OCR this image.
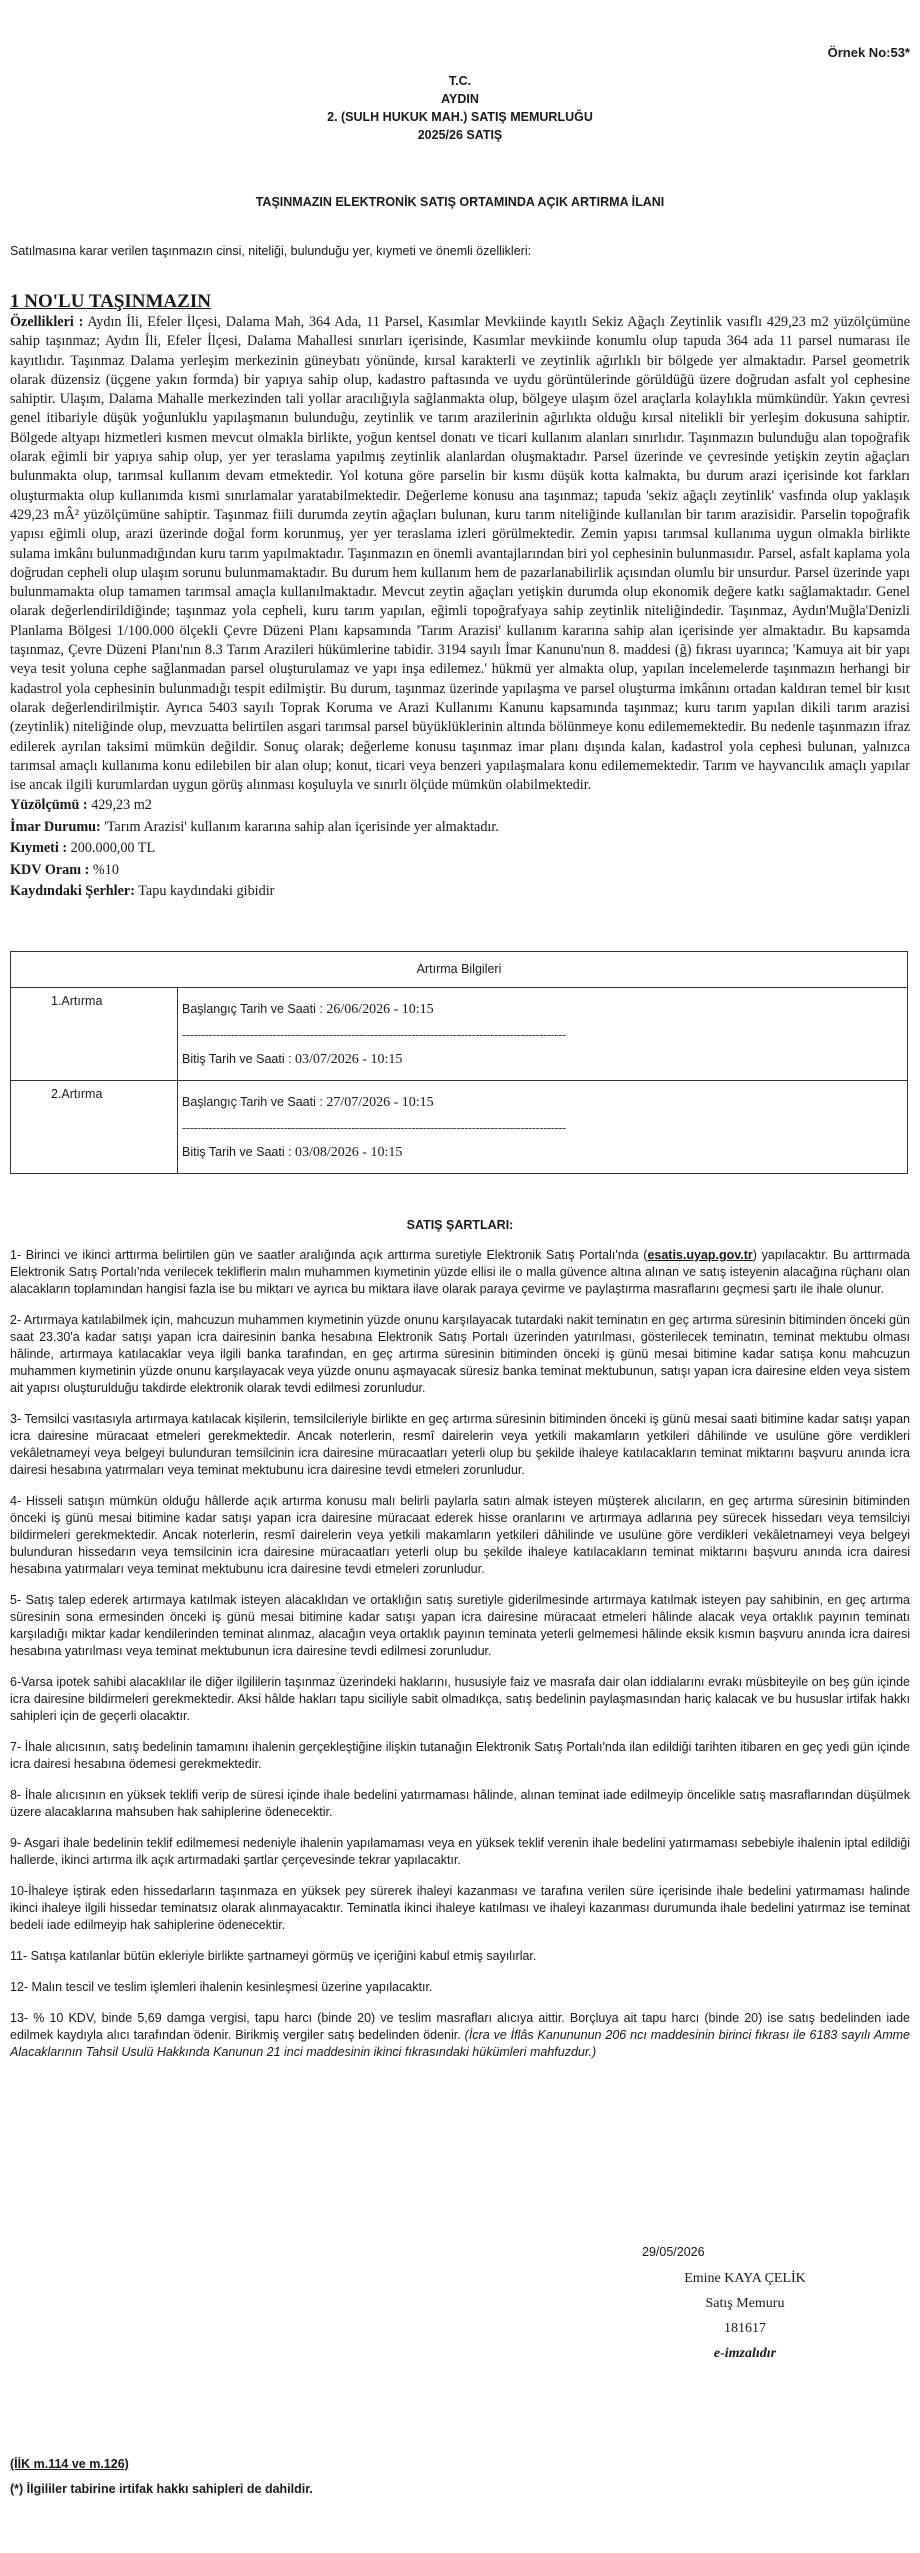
Örnek No:53*
T.C.
AYDIN
2. (SULH HUKUK MAH.) SATIŞ MEMURLUĞU
2025/26 SATIŞ
TAŞINMAZIN ELEKTRONİK SATIŞ ORTAMINDA AÇIK ARTIRMA İLANI
Satılmasına karar verilen taşınmazın cinsi, niteliği, bulunduğu yer, kıymeti ve önemli özellikleri:
1 NO'LU TAŞINMAZIN
Özellikleri : Aydın İli, Efeler İlçesi, Dalama Mah, 364 Ada, 11 Parsel, Kasımlar Mevkiinde kayıtlı Sekiz Ağaçlı Zeytinlik vasıflı 429,23 m2 yüzölçümüne sahip taşınmaz; Aydın İli, Efeler İlçesi, Dalama Mahallesi sınırları içerisinde, Kasımlar mevkiinde konumlu olup tapuda 364 ada 11 parsel numarası ile kayıtlıdır. Taşınmaz Dalama yerleşim merkezinin güneybatı yönünde, kırsal karakterli ve zeytinlik ağırlıklı bir bölgede yer almaktadır. Parsel geometrik olarak düzensiz (üçgene yakın formda) bir yapıya sahip olup, kadastro paftasında ve uydu görüntülerinde görüldüğü üzere doğrudan asfalt yol cephesine sahiptir. Ulaşım, Dalama Mahalle merkezinden tali yollar aracılığıyla sağlanmakta olup, bölgeye ulaşım özel araçlarla kolaylıkla mümkündür. Yakın çevresi genel itibariyle düşük yoğunluklu yapılaşmanın bulunduğu, zeytinlik ve tarım arazilerinin ağırlıkta olduğu kırsal nitelikli bir yerleşim dokusuna sahiptir. Bölgede altyapı hizmetleri kısmen mevcut olmakla birlikte, yoğun kentsel donatı ve ticari kullanım alanları sınırlıdır. Taşınmazın bulunduğu alan topoğrafik olarak eğimli bir yapıya sahip olup, yer yer teraslama yapılmış zeytinlik alanlardan oluşmaktadır. Parsel üzerinde ve çevresinde yetişkin zeytin ağaçları bulunmakta olup, tarımsal kullanım devam etmektedir. Yol kotuna göre parselin bir kısmı düşük kotta kalmakta, bu durum arazi içerisinde kot farkları oluşturmakta olup kullanımda kısmi sınırlamalar yaratabilmektedir. Değerleme konusu ana taşınmaz; tapuda 'sekiz ağaçlı zeytinlik' vasfında olup yaklaşık 429,23 mÂ² yüzölçümüne sahiptir. Taşınmaz fiili durumda zeytin ağaçları bulunan, kuru tarım niteliğinde kullanılan bir tarım arazisidir. Parselin topoğrafik yapısı eğimli olup, arazi üzerinde doğal form korunmuş, yer yer teraslama izleri görülmektedir. Zemin yapısı tarımsal kullanıma uygun olmakla birlikte sulama imkânı bulunmadığından kuru tarım yapılmaktadır. Taşınmazın en önemli avantajlarından biri yol cephesinin bulunmasıdır. Parsel, asfalt kaplama yola doğrudan cepheli olup ulaşım sorunu bulunmamaktadır. Bu durum hem kullanım hem de pazarlanabilirlik açısından olumlu bir unsurdur. Parsel üzerinde yapı bulunmamakta olup tamamen tarımsal amaçla kullanılmaktadır. Mevcut zeytin ağaçları yetişkin durumda olup ekonomik değere katkı sağlamaktadır. Genel olarak değerlendirildiğinde; taşınmaz yola cepheli, kuru tarım yapılan, eğimli topoğrafyaya sahip zeytinlik niteliğindedir. Taşınmaz, Aydın'Muğla'Denizli Planlama Bölgesi 1/100.000 ölçekli Çevre Düzeni Planı kapsamında 'Tarım Arazisi' kullanım kararına sahip alan içerisinde yer almaktadır. Bu kapsamda taşınmaz, Çevre Düzeni Planı'nın 8.3 Tarım Arazileri hükümlerine tabidir. 3194 sayılı İmar Kanunu'nun 8. maddesi (ğ) fıkrası uyarınca; 'Kamuya ait bir yapı veya tesit yoluna cephe sağlanmadan parsel oluşturulamaz ve yapı inşa edilemez.' hükmü yer almakta olup, yapılan incelemelerde taşınmazın herhangi bir kadastrol yola cephesinin bulunmadığı tespit edilmiştir. Bu durum, taşınmaz üzerinde yapılaşma ve parsel oluşturma imkânını ortadan kaldıran temel bir kısıt olarak değerlendirilmiştir. Ayrıca 5403 sayılı Toprak Koruma ve Arazi Kullanımı Kanunu kapsamında taşınmaz; kuru tarım yapılan dikili tarım arazisi (zeytinlik) niteliğinde olup, mevzuatta belirtilen asgari tarımsal parsel büyüklüklerinin altında bölünmeye konu edilememektedir. Bu nedenle taşınmazın ifraz edilerek ayrılan taksimi mümkün değildir. Sonuç olarak; değerleme konusu taşınmaz imar planı dışında kalan, kadastrol yola cephesi bulunan, yalnızca tarımsal amaçlı kullanıma konu edilebilen bir alan olup; konut, ticari veya benzeri yapılaşmalara konu edilememektedir. Tarım ve hayvancılık amaçlı yapılar ise ancak ilgili kurumlardan uygun görüş alınması koşuluyla ve sınırlı ölçüde mümkün olabilmektedir.
Yüzölçümü : 429,23 m2
İmar Durumu: 'Tarım Arazisi' kullanım kararına sahip alan içerisinde yer almaktadır.
Kıymeti : 200.000,00 TL
KDV Oranı : %10
Kaydındaki Şerhler: Tapu kaydındaki gibidir
Artırma Bilgileri	
1.Artırma	Başlangıç Tarih ve Saati : 26/06/2026 - 10:15
------------------------------------------------------------------------------------------------------
Bitiş Tarih ve Saati : 03/07/2026 - 10:15

2.Artırma	Başlangıç Tarih ve Saati : 27/07/2026 - 10:15
------------------------------------------------------------------------------------------------------
Bitiş Tarih ve Saati : 03/08/2026 - 10:15
SATIŞ ŞARTLARI:

1- Birinci ve ikinci arttırma belirtilen gün ve saatler aralığında açık arttırma suretiyle Elektronik Satış Portalı'nda (esatis.uyap.gov.tr) yapılacaktır. Bu arttırmada Elektronik Satış Portalı'nda verilecek tekliflerin malın muhammen kıymetinin yüzde ellisi ile o malla güvence altına alınan ve satış isteyenin alacağına rüçhanı olan alacakların toplamından hangisi fazla ise bu miktarı ve ayrıca bu miktara ilave olarak paraya çevirme ve paylaştırma masraflarını geçmesi şartı ile ihale olunur.

2- Artırmaya katılabilmek için, mahcuzun muhammen kıymetinin yüzde onunu karşılayacak tutardaki nakit teminatın en geç artırma süresinin bitiminden önceki gün saat 23.30'a kadar satışı yapan icra dairesinin banka hesabına Elektronik Satış Portalı üzerinden yatırılması, gösterilecek teminatın, teminat mektubu olması hâlinde, artırmaya katılacaklar veya ilgili banka tarafından, en geç artırma süresinin bitiminden önceki iş günü mesai bitimine kadar satışa konu mahcuzun muhammen kıymetinin yüzde onunu karşılayacak veya yüzde onunu aşmayacak süresiz banka teminat mektubunun, satışı yapan icra dairesine elden veya sistem ait yapısı oluşturulduğu takdirde elektronik olarak tevdi edilmesi zorunludur.

3- Temsilci vasıtasıyla artırmaya katılacak kişilerin, temsilcileriyle birlikte en geç artırma süresinin bitiminden önceki iş günü mesai saati bitimine kadar satışı yapan icra dairesine müracaat etmeleri gerekmektedir. Ancak noterlerin, resmî dairelerin veya yetkili makamların yetkileri dâhilinde ve usulüne göre verdikleri vekâletnameyi veya belgeyi bulunduran temsilcinin icra dairesine müracaatları yeterli olup bu şekilde ihaleye katılacakların teminat miktarını başvuru anında icra dairesi hesabına yatırmaları veya teminat mektubunu icra dairesine tevdi etmeleri zorunludur.

4- Hisseli satışın mümkün olduğu hâllerde açık artırma konusu malı belirli paylarla satın almak isteyen müşterek alıcıların, en geç artırma süresinin bitiminden önceki iş günü mesai bitimine kadar satışı yapan icra dairesine müracaat ederek hisse oranlarını ve artırmaya adlarına pey sürecek hissedarı veya temsilciyi bildirmeleri gerekmektedir. Ancak noterlerin, resmî dairelerin veya yetkili makamların yetkileri dâhilinde ve usulüne göre verdikleri vekâletnameyi veya belgeyi bulunduran hissedarın veya temsilcinin icra dairesine müracaatları yeterli olup bu şekilde ihaleye katılacakların teminat miktarını başvuru anında icra dairesi hesabına yatırmaları veya teminat mektubunu icra dairesine tevdi etmeleri zorunludur.

5- Satış talep ederek artırmaya katılmak isteyen alacaklıdan ve ortaklığın satış suretiyle giderilmesinde artırmaya katılmak isteyen pay sahibinin, en geç artırma süresinin sona ermesinden önceki iş günü mesai bitimine kadar satışı yapan icra dairesine müracaat etmeleri hâlinde alacak veya ortaklık payının teminatı karşıladığı miktar kadar kendilerinden teminat alınmaz, alacağın veya ortaklık payının teminata yeterli gelmemesi hâlinde eksik kısmın başvuru anında icra dairesi hesabına yatırılması veya teminat mektubunun icra dairesine tevdi edilmesi zorunludur.

6-Varsa ipotek sahibi alacaklılar ile diğer ilgililerin taşınmaz üzerindeki haklarını, hususiyle faiz ve masrafa dair olan iddialarını evrakı müsbiteyile on beş gün içinde icra dairesine bildirmeleri gerekmektedir. Aksi hâlde hakları tapu siciliyle sabit olmadıkça, satış bedelinin paylaşmasından hariç kalacak ve bu hususlar irtifak hakkı sahipleri için de geçerli olacaktır.

7- İhale alıcısının, satış bedelinin tamamını ihalenin gerçekleştiğine ilişkin tutanağın Elektronik Satış Portalı'nda ilan edildiği tarihten itibaren en geç yedi gün içinde icra dairesi hesabına ödemesi gerekmektedir.

8- İhale alıcısının en yüksek teklifi verip de süresi içinde ihale bedelini yatırmaması hâlinde, alınan teminat iade edilmeyip öncelikle satış masraflarından düşülmek üzere alacaklarına mahsuben hak sahiplerine ödenecektir.

9- Asgari ihale bedelinin teklif edilmemesi nedeniyle ihalenin yapılamaması veya en yüksek teklif verenin ihale bedelini yatırmaması sebebiyle ihalenin iptal edildiği hallerde, ikinci artırma ilk açık artırmadaki şartlar çerçevesinde tekrar yapılacaktır.

10-İhaleye iştirak eden hissedarların taşınmaza en yüksek pey sürerek ihaleyi kazanması ve tarafına verilen süre içerisinde ihale bedelini yatırmaması halinde ikinci ihaleye ilgili hissedar teminatsız olarak alınmayacaktır. Teminatla ikinci ihaleye katılması ve ihaleyi kazanması durumunda ihale bedelini yatırmaz ise teminat bedeli iade edilmeyip hak sahiplerine ödenecektir.

11- Satışa katılanlar bütün ekleriyle birlikte şartnameyi görmüş ve içeriğini kabul etmiş sayılırlar.

12- Malın tescil ve teslim işlemleri ihalenin kesinleşmesi üzerine yapılacaktır.

13- % 10 KDV, binde 5,69 damga vergisi, tapu harcı (binde 20) ve teslim masrafları alıcıya aittir. Borçluya ait tapu harcı (binde 20) ise satış bedelinden iade edilmek kaydıyla alıcı tarafından ödenir. Birikmiş vergiler satış bedelinden ödenir. (İcra ve İflâs Kanununun 206 ncı maddesinin birinci fıkrası ile 6183 sayılı Amme Alacaklarının Tahsil Usulü Hakkında Kanunun 21 inci maddesinin ikinci fıkrasındaki hükümleri mahfuzdur.)

29/05/2026
Emine KAYA ÇELİK
Satış Memuru
181617
e-imzalıdır
(İİK m.114 ve m.126)
(*) İlgililer tabirine irtifak hakkı sahipleri de dahildir.
